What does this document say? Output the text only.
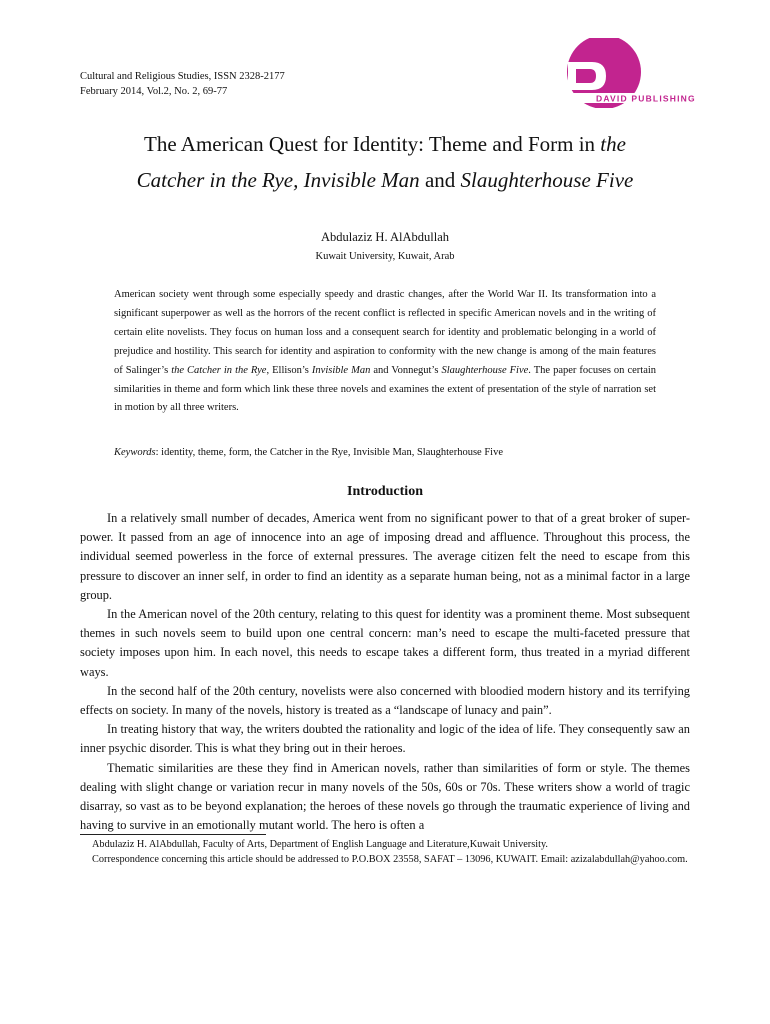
Cultural and Religious Studies, ISSN 2328-2177
February 2014, Vol.2, No. 2, 69-77
DAVID PUBLISHING
The American Quest for Identity: Theme and Form in the
Catcher in the Rye, Invisible Man and Slaughterhouse Five
Abdulaziz H. AlAbdullah
Kuwait University, Kuwait, Arab
American society went through some especially speedy and drastic changes, after the World War II. Its transformation into a significant superpower as well as the horrors of the recent conflict is reflected in specific American novels and in the writing of certain elite novelists. They focus on human loss and a consequent search for identity and problematic belonging in a world of prejudice and hostility. This search for identity and aspiration to conformity with the new change is among of the main features of Salinger’s the Catcher in the Rye, Ellison’s Invisible Man and Vonnegut’s Slaughterhouse Five. The paper focuses on certain similarities in theme and form which link these three novels and examines the extent of presentation of the style of narration set in motion by all three writers.
Keywords: identity, theme, form, the Catcher in the Rye, Invisible Man, Slaughterhouse Five
Introduction

In a relatively small number of decades, America went from no significant power to that of a great broker of super-power. It passed from an age of innocence into an age of imposing dread and affluence. Throughout this process, the individual seemed powerless in the force of external pressures. The average citizen felt the need to escape from this pressure to discover an inner self, in order to find an identity as a separate human being, not as a minimal factor in a large group.

In the American novel of the 20th century, relating to this quest for identity was a prominent theme. Most subsequent themes in such novels seem to build upon one central concern: man’s need to escape the multi-faceted pressure that society imposes upon him. In each novel, this needs to escape takes a different form, thus treated in a myriad different ways.

In the second half of the 20th century, novelists were also concerned with bloodied modern history and its terrifying effects on society. In many of the novels, history is treated as a “landscape of lunacy and pain”.

In treating history that way, the writers doubted the rationality and logic of the idea of life. They consequently saw an inner psychic disorder. This is what they bring out in their heroes.

Thematic similarities are these they find in American novels, rather than similarities of form or style. The themes dealing with slight change or variation recur in many novels of the 50s, 60s or 70s. These writers show a world of tragic disarray, so vast as to be beyond explanation; the heroes of these novels go through the traumatic experience of living and having to survive in an emotionally mutant world. The hero is often a

Abdulaziz H. AlAbdullah, Faculty of Arts, Department of English Language and Literature,Kuwait University.
Correspondence concerning this article should be addressed to P.O.BOX 23558, SAFAT – 13096, KUWAIT. Email: azizalabdullah@yahoo.com.
